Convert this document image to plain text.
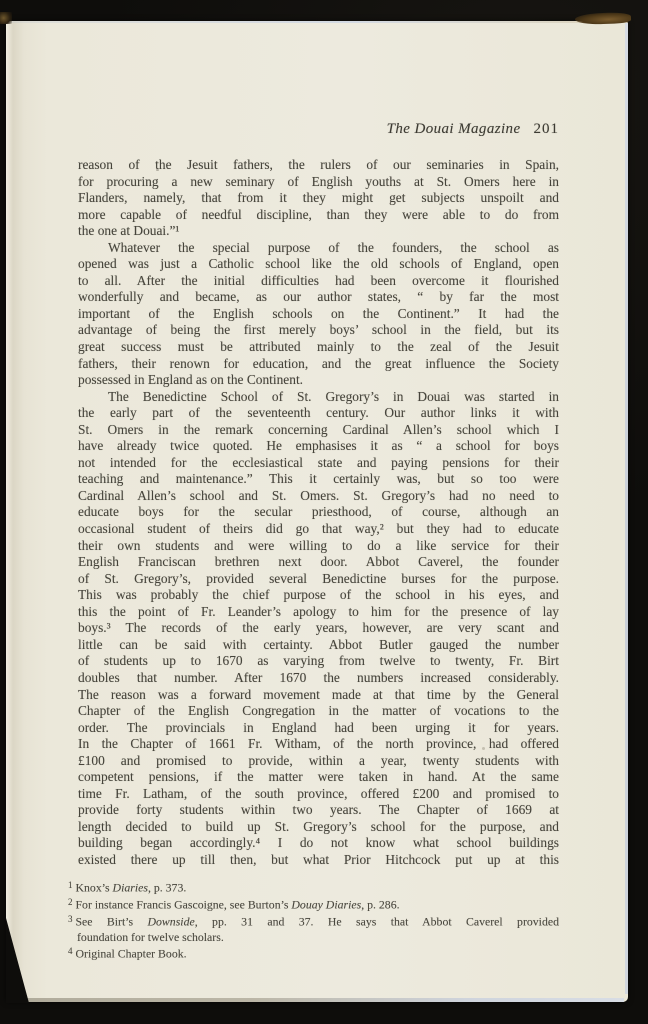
The Douai Magazine 201
reason of the Jesuit fathers, the rulers of our seminaries in Spain,
for procuring a new seminary of English youths at St. Omers here in
Flanders, namely, that from it they might get subjects unspoilt and
more capable of needful discipline, than they were able to do from
the one at Douai.”¹
Whatever the special purpose of the founders, the school as
opened was just a Catholic school like the old schools of England, open
to all. After the initial difficulties had been overcome it flourished
wonderfully and became, as our author states, “ by far the most
important of the English schools on the Continent.” It had the
advantage of being the first merely boys’ school in the field, but its
great success must be attributed mainly to the zeal of the Jesuit
fathers, their renown for education, and the great influence the Society
possessed in England as on the Continent.
The Benedictine School of St. Gregory’s in Douai was started in
the early part of the seventeenth century. Our author links it with
St. Omers in the remark concerning Cardinal Allen’s school which I
have already twice quoted. He emphasises it as “ a school for boys
not intended for the ecclesiastical state and paying pensions for their
teaching and maintenance.” This it certainly was, but so too were
Cardinal Allen’s school and St. Omers. St. Gregory’s had no need to
educate boys for the secular priesthood, of course, although an
occasional student of theirs did go that way,² but they had to educate
their own students and were willing to do a like service for their
English Franciscan brethren next door. Abbot Caverel, the founder
of St. Gregory’s, provided several Benedictine burses for the purpose.
This was probably the chief purpose of the school in his eyes, and
this the point of Fr. Leander’s apology to him for the presence of lay
boys.³ The records of the early years, however, are very scant and
little can be said with certainty. Abbot Butler gauged the number
of students up to 1670 as varying from twelve to twenty, Fr. Birt
doubles that number. After 1670 the numbers increased considerably.
The reason was a forward movement made at that time by the General
Chapter of the English Congregation in the matter of vocations to the
order. The provincials in England had been urging it for years.
In the Chapter of 1661 Fr. Witham, of the north province, had offered
£100 and promised to provide, within a year, twenty students with
competent pensions, if the matter were taken in hand. At the same
time Fr. Latham, of the south province, offered £200 and promised to
provide forty students within two years. The Chapter of 1669 at
length decided to build up St. Gregory’s school for the purpose, and
building began accordingly.⁴ I do not know what school buildings
existed there up till then, but what Prior Hitchcock put up at this
$^1$ Knox’s Diaries, p. 373.
$^2$ For instance Francis Gascoigne, see Burton’s Douay Diaries, p. 286.
$^3$ See Birt’s Downside, pp. 31 and 37. He says that Abbot Caverel provided
foundation for twelve scholars.
$^4$ Original Chapter Book.
